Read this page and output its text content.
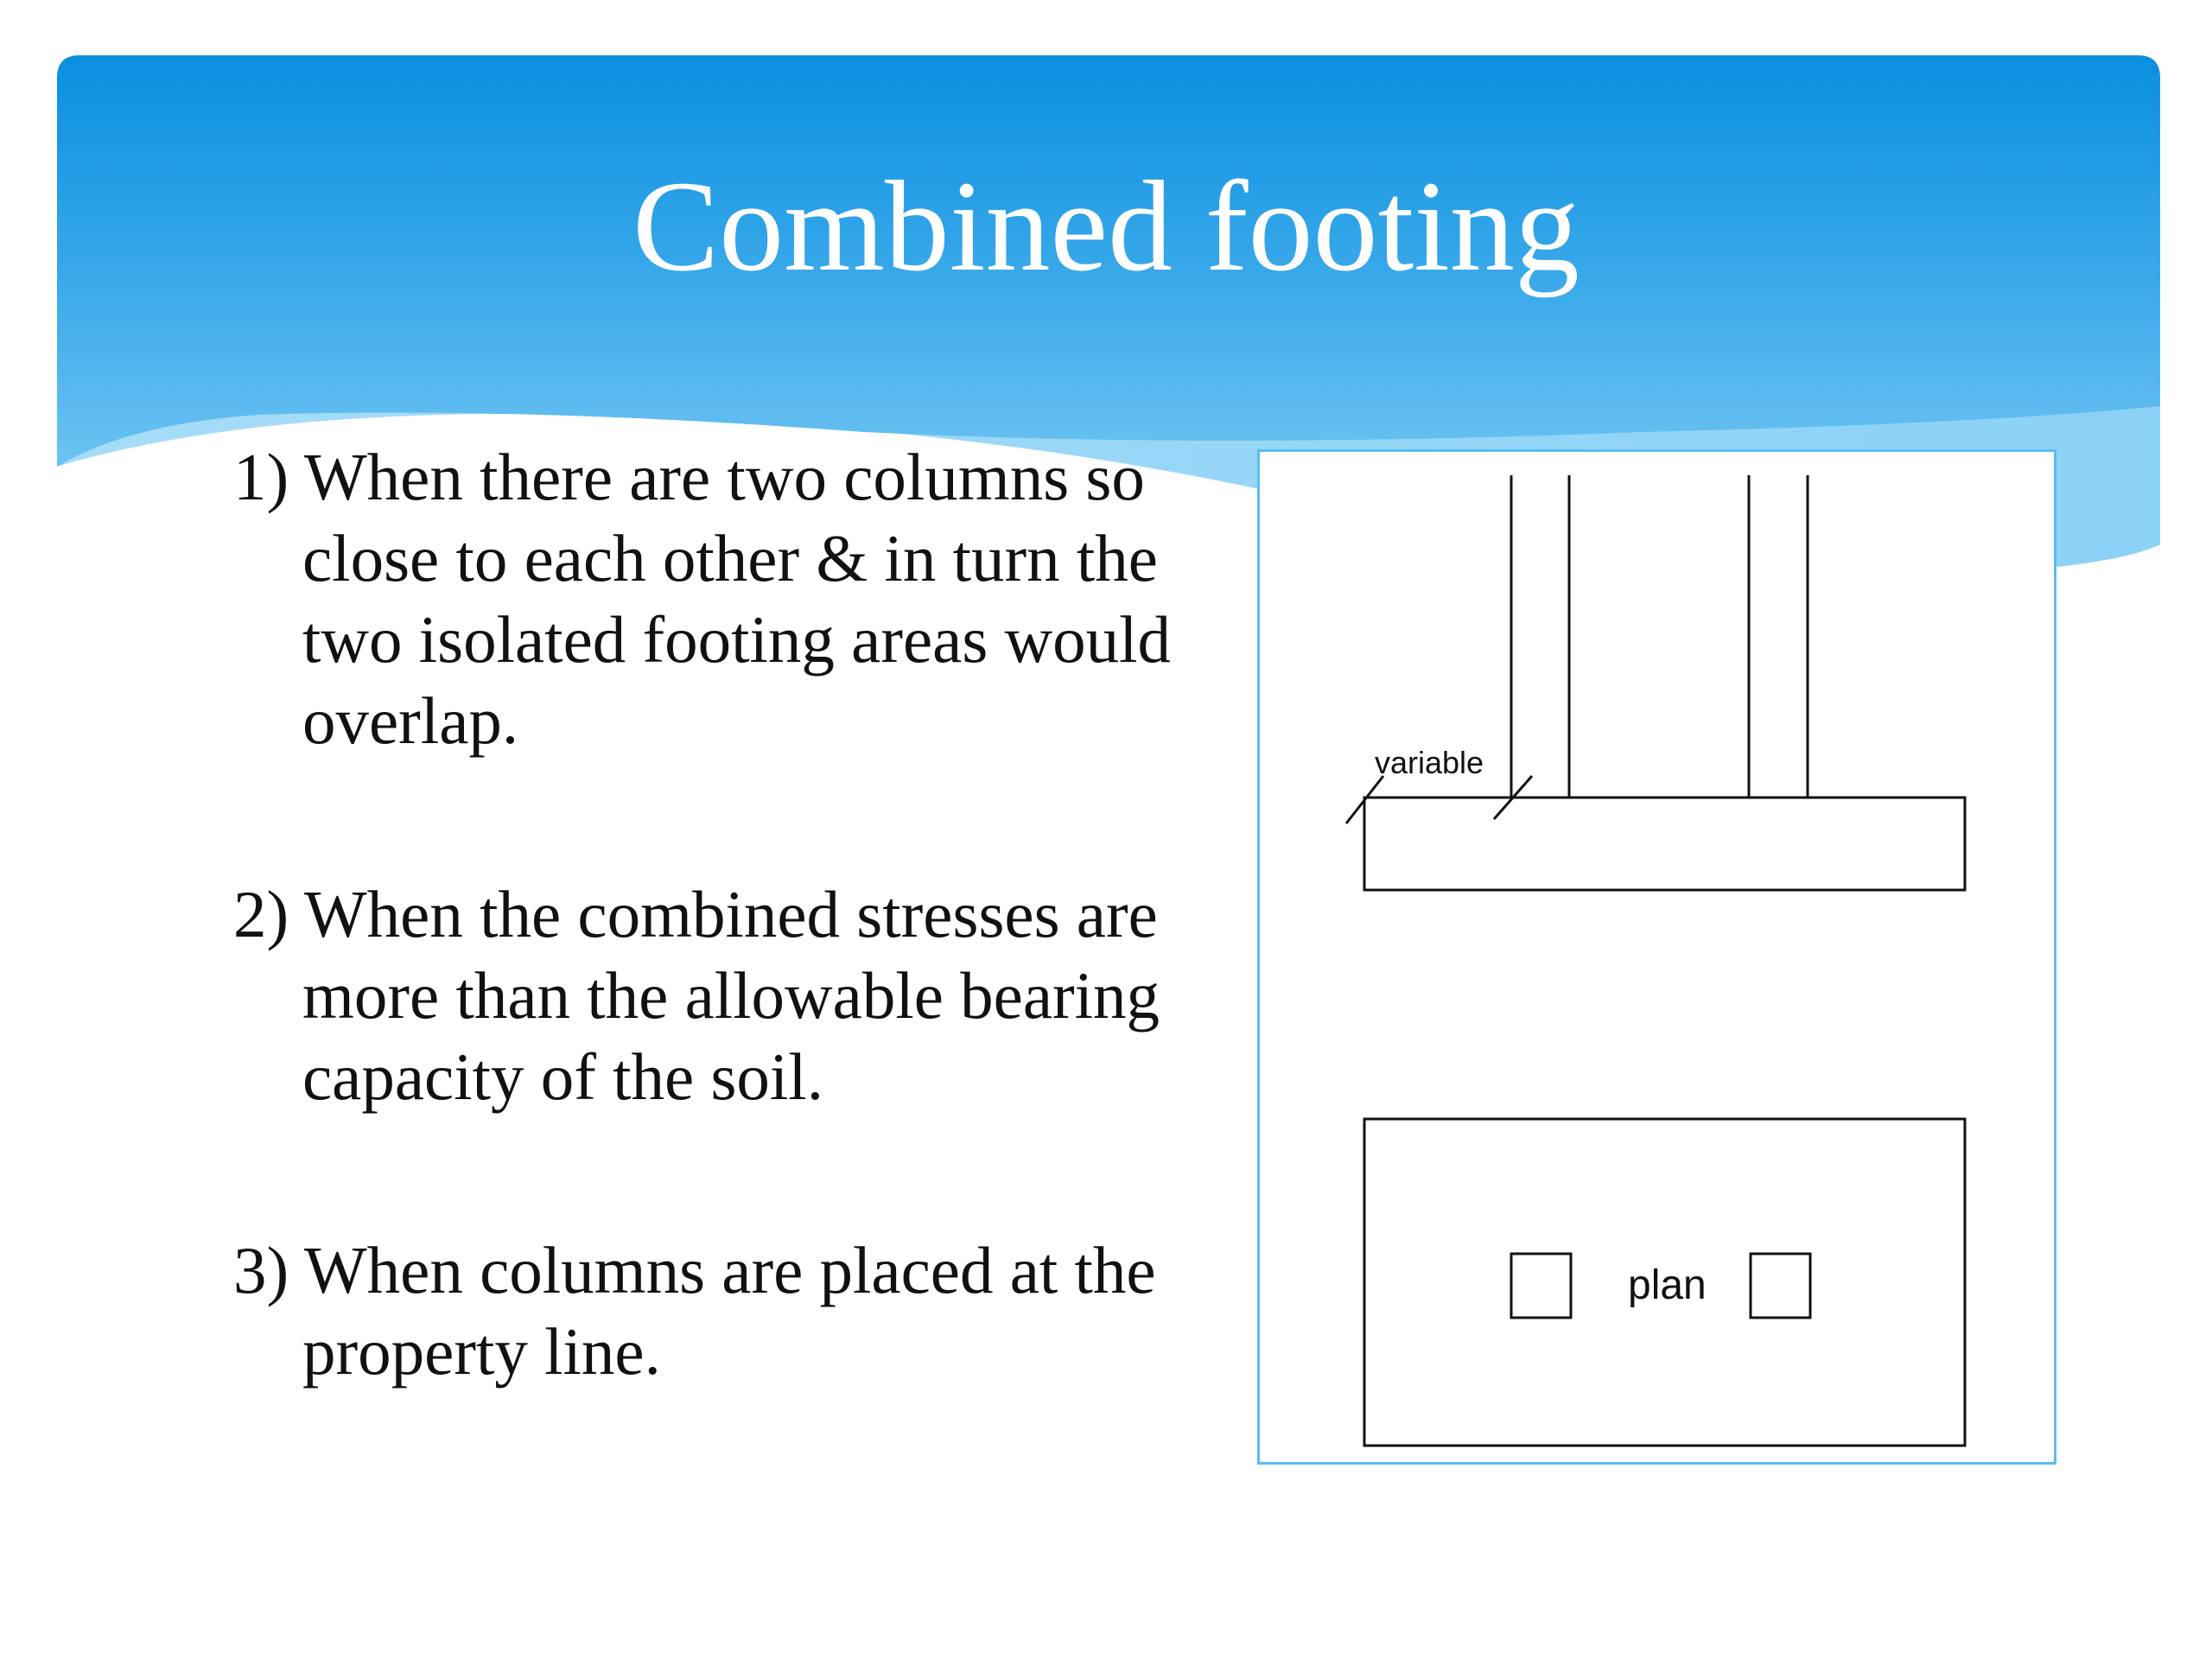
Combined footing
1) When there are two columns so close to each other & in turn the two isolated footing areas would overlap.
2) When the combined stresses are more than the allowable bearing capacity of the soil.
3) When columns are placed at the property line.
variable
plan
